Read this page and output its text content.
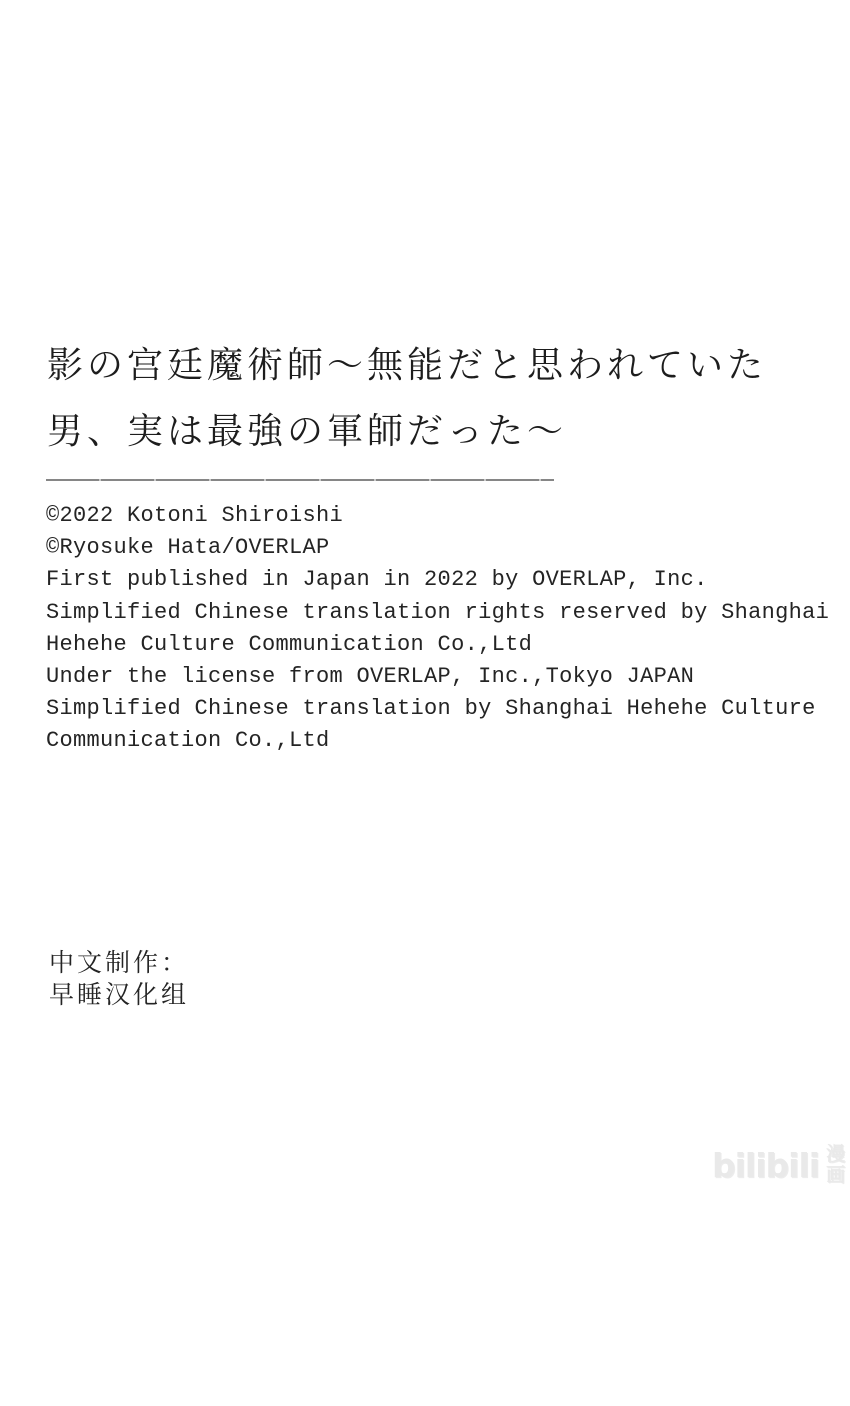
影の宫廷魔術師～無能だと思われていた
男、実は最強の軍師だった～

©2022 Kotoni Shiroishi

©Ryosuke Hata/OVERLAP

First published in Japan in 2022 by OVERLAP, Inc.

Simplified Chinese translation rights reserved by Shanghai

Hehehe Culture Communication Co.,Ltd

Under the license from OVERLAP, Inc.,Tokyo JAPAN

Simplified Chinese translation by Shanghai Hehehe Culture

Communication Co.,Ltd

中文制作：

早睡汉化组

bilibili 漫
画
